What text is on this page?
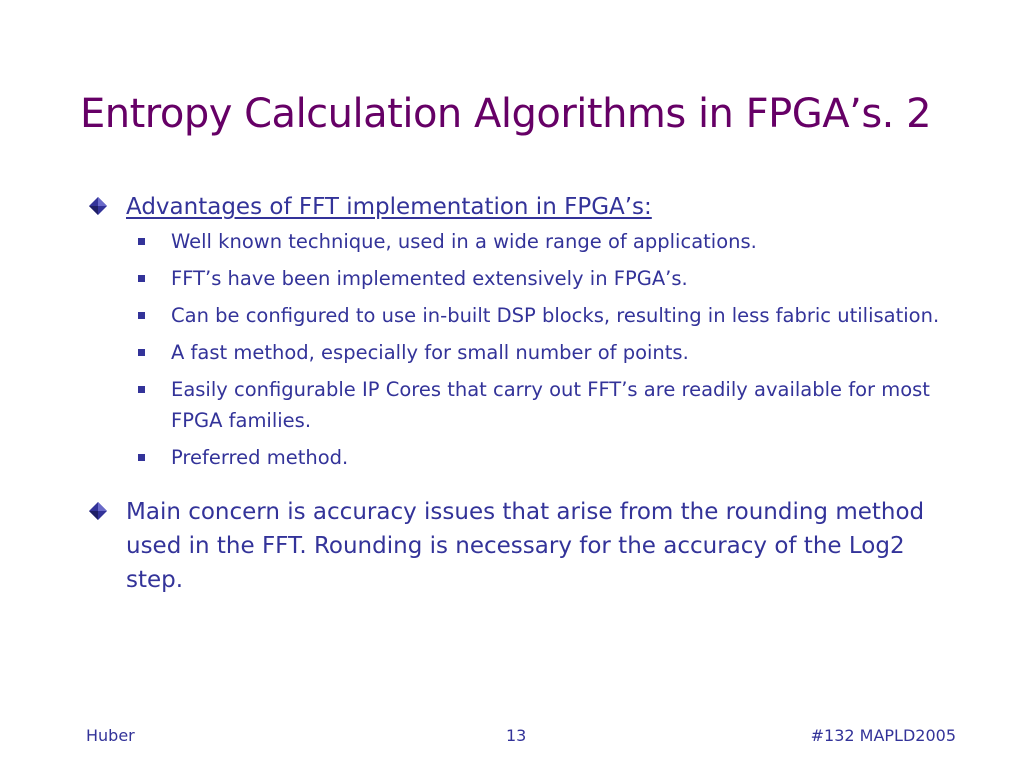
Entropy Calculation Algorithms in FPGA’s. 2
Advantages of FFT implementation in FPGA’s:
Well known technique, used in a wide range of applications.
FFT’s have been implemented extensively in FPGA’s.
Can be configured to use in-built DSP blocks, resulting in less fabric utilisation.
A fast method, especially for small number of points.
Easily configurable IP Cores that carry out FFT’s are readily available for most FPGA families.
Preferred method.
Main concern is accuracy issues that arise from the rounding method used in the FFT. Rounding is necessary for the accuracy of the Log2 step.
Huber	13	#132 MAPLD2005
